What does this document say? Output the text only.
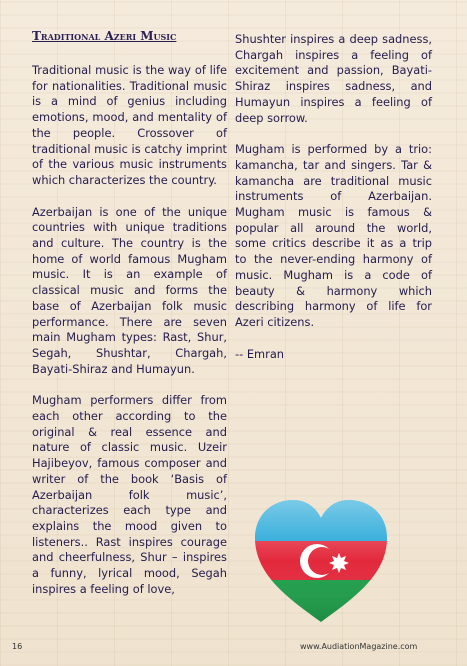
Traditional Azeri Music

Traditional music is the way of life for nationalities. Traditional music is a mind of genius including emotions, mood, and mentality of the people. Crossover of traditional music is catchy imprint of the various music instruments which characterizes the country.

Azerbaijan is one of the unique countries with unique traditions and culture. The country is the home of world famous Mugham music. It is an example of classical music and forms the base of Azerbaijan folk music performance. There are seven main Mugham types: Rast, Shur, Segah, Shushtar, Chargah, Bayati-Shiraz and Humayun.

Mugham performers differ from each other according to the original & real essence and nature of classic music. Uzeir Hajibeyov, famous composer and writer of the book ‘Basis of Azerbaijan folk music’, characterizes each type and explains the mood given to listeners.. Rast inspires courage and cheerfulness, Shur – inspires a funny, lyrical mood, Segah inspires a feeling of love,

Shushter inspires a deep sadness, Chargah inspires a feeling of excitement and passion, Bayati-Shiraz inspires sadness, and Humayun inspires a feeling of deep sorrow.

Mugham is performed by a trio: kamancha, tar and singers. Tar & kamancha are traditional music instruments of Azerbaijan. Mugham music is famous & popular all around the world, some critics describe it as a trip to the never-ending harmony of music. Mugham is a code of beauty & harmony which describing harmony of life for Azeri citizens.

-- Emran

16	www.AudiationMagazine.com
